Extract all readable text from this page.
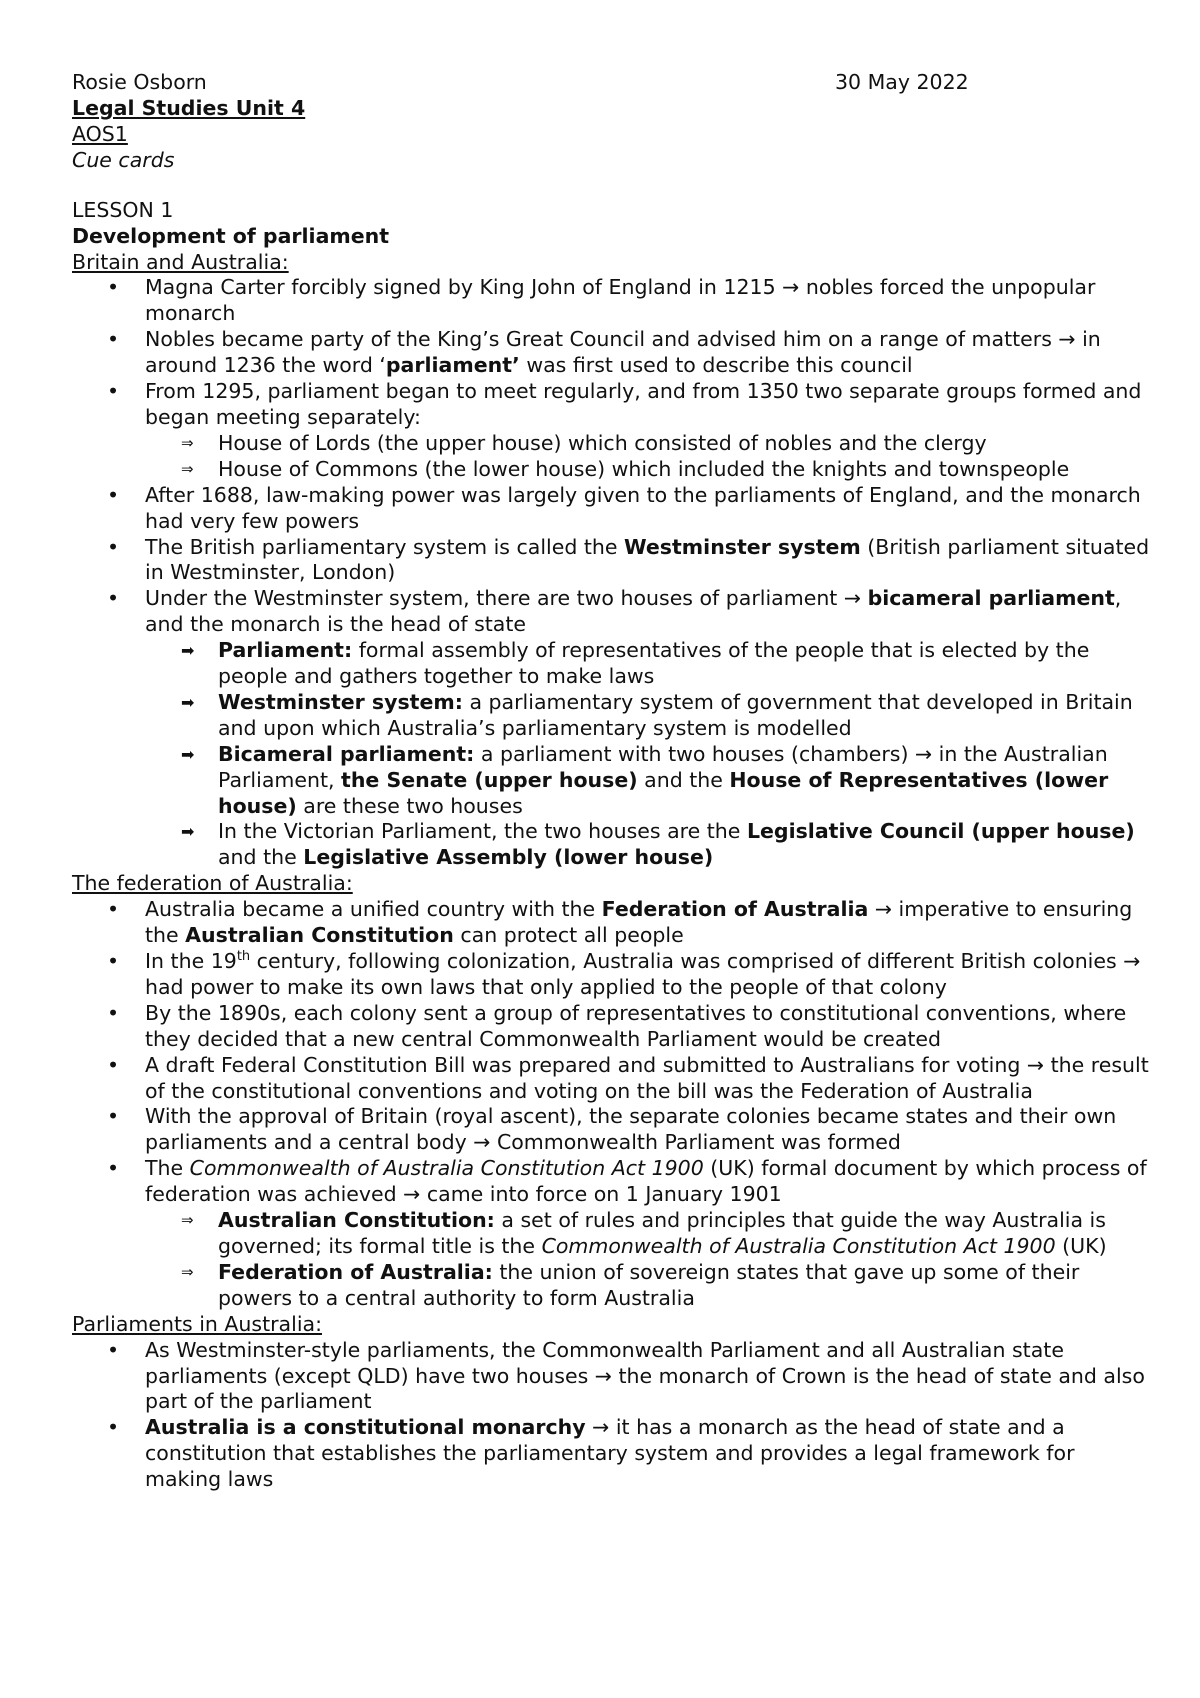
Rosie Osborn	30 May 2022
Legal Studies Unit 4
AOS1
Cue cards
LESSON 1
Development of parliament
Britain and Australia:
• Magna Carter forcibly signed by King John of England in 1215 → nobles forced the unpopular monarch
• Nobles became party of the King’s Great Council and advised him on a range of matters → in around 1236 the word ‘parliament’ was first used to describe this council
• From 1295, parliament began to meet regularly, and from 1350 two separate groups formed and began meeting separately:
⇒ House of Lords (the upper house) which consisted of nobles and the clergy
⇒ House of Commons (the lower house) which included the knights and townspeople
• After 1688, law-making power was largely given to the parliaments of England, and the monarch had very few powers
• The British parliamentary system is called the Westminster system (British parliament situated in Westminster, London)
• Under the Westminster system, there are two houses of parliament → bicameral parliament, and the monarch is the head of state
➡ Parliament: formal assembly of representatives of the people that is elected by the people and gathers together to make laws
➡ Westminster system: a parliamentary system of government that developed in Britain and upon which Australia’s parliamentary system is modelled
➡ Bicameral parliament: a parliament with two houses (chambers) → in the Australian Parliament, the Senate (upper house) and the House of Representatives (lower house) are these two houses
➡ In the Victorian Parliament, the two houses are the Legislative Council (upper house) and the Legislative Assembly (lower house)
The federation of Australia:
• Australia became a unified country with the Federation of Australia → imperative to ensuring the Australian Constitution can protect all people
• In the 19th century, following colonization, Australia was comprised of different British colonies → had power to make its own laws that only applied to the people of that colony
• By the 1890s, each colony sent a group of representatives to constitutional conventions, where they decided that a new central Commonwealth Parliament would be created
• A draft Federal Constitution Bill was prepared and submitted to Australians for voting → the result of the constitutional conventions and voting on the bill was the Federation of Australia
• With the approval of Britain (royal ascent), the separate colonies became states and their own parliaments and a central body → Commonwealth Parliament was formed
• The Commonwealth of Australia Constitution Act 1900 (UK) formal document by which process of federation was achieved → came into force on 1 January 1901
⇒ Australian Constitution: a set of rules and principles that guide the way Australia is governed; its formal title is the Commonwealth of Australia Constitution Act 1900 (UK)
⇒ Federation of Australia: the union of sovereign states that gave up some of their powers to a central authority to form Australia
Parliaments in Australia:
• As Westminster-style parliaments, the Commonwealth Parliament and all Australian state parliaments (except QLD) have two houses → the monarch of Crown is the head of state and also part of the parliament
• Australia is a constitutional monarchy → it has a monarch as the head of state and a constitution that establishes the parliamentary system and provides a legal framework for making laws
